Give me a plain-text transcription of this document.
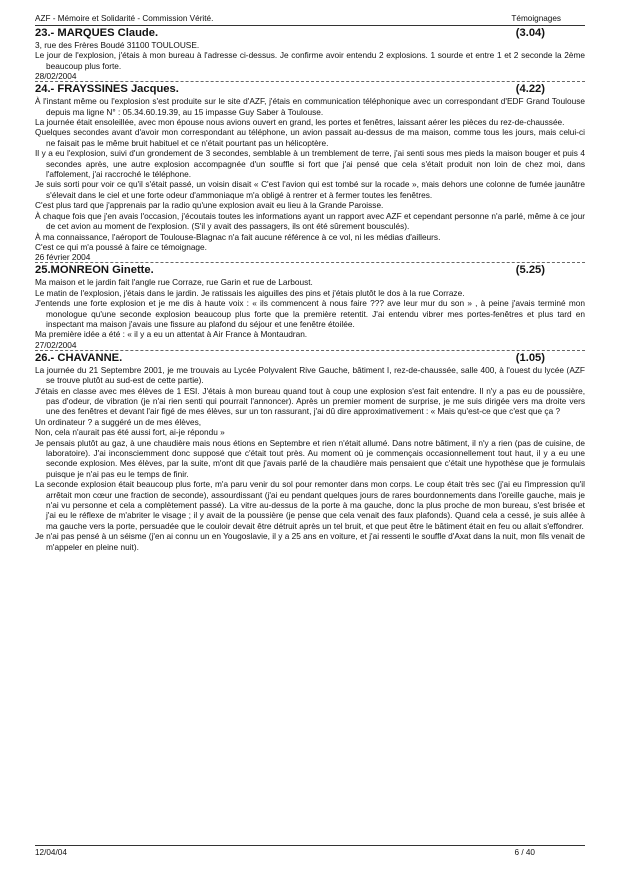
AZF - Mémoire et Solidarité - Commission Vérité.	Témoignages
23.- MARQUES Claude.	(3.04)

3, rue des Frères Boudé 31100 TOULOUSE.

Le jour de l'explosion, j'étais à mon bureau à l'adresse ci-dessus. Je confirme avoir entendu 2 explosions. 1 sourde et entre 1 et 2 seconde la 2ème beaucoup plus forte.

28/02/2004
24.- FRAYSSINES Jacques.	(4.22)

À l'instant même ou l'explosion s'est produite sur le site d'AZF, j'étais en communication téléphonique avec un correspondant d'EDF Grand Toulouse depuis ma ligne N° : 05.34.60.19.39, au 15 impasse Guy Saber à Toulouse.

La journée était ensoleillée, avec mon épouse nous avions ouvert en grand, les portes et fenêtres, laissant aérer les pièces du rez-de-chaussée.

Quelques secondes avant d'avoir mon correspondant au téléphone, un avion passait au-dessus de ma maison, comme tous les jours, mais celui-ci ne faisait pas le même bruit habituel et ce n'était pourtant pas un hélicoptère.

Il y a eu l'explosion, suivi d'un grondement de 3 secondes, semblable à un tremblement de terre, j'ai senti sous mes pieds la maison bouger et puis 4 secondes après, une autre explosion accompagnée d'un souffle si fort que j'ai pensé que cela s'était produit non loin de chez moi, dans l'affolement, j'ai raccroché le téléphone.

Je suis sorti pour voir ce qu'il s'était passé, un voisin disait « C'est l'avion qui est tombé sur la rocade », mais dehors une colonne de fumée jaunâtre s'élevait dans le ciel et une forte odeur d'ammoniaque m'a obligé à rentrer et à fermer toutes les fenêtres.

C'est plus tard que j'apprenais par la radio qu'une explosion avait eu lieu à la Grande Paroisse.

À chaque fois que j'en avais l'occasion, j'écoutais toutes les informations ayant un rapport avec AZF et cependant personne n'a parlé, même à ce jour de cet avion au moment de l'explosion. (S'il y avait des passagers, ils ont été sûrement bousculés).

À ma connaissance, l'aéroport de Toulouse-Blagnac n'a fait aucune référence à ce vol, ni les médias d'ailleurs.

C'est ce qui m'a poussé à faire ce témoignage.

26 février 2004
25.MONREON Ginette.	(5.25)

Ma maison et le jardin fait l'angle rue Corraze, rue Garin et rue de Larboust.

Le matin de l'explosion, j'étais dans le jardin. Je ratissais les aiguilles des pins et j'étais plutôt le dos à la rue Corraze.

J'entends une forte explosion et je me dis à haute voix : « ils commencent à nous faire ??? ave leur mur du son » , à peine j'avais terminé mon monologue qu'une seconde explosion beaucoup plus forte que la première retentit. J'ai entendu vibrer mes portes-fenêtres et plus tard en inspectant ma maison j'avais une fissure au plafond du séjour et une fenêtre étoilée.

Ma première idée a été : « il y a eu un attentat à Air France à Montaudran.

27/02/2004
26.- CHAVANNE.	(1.05)

La journée du 21 Septembre 2001, je me trouvais au Lycée Polyvalent Rive Gauche, bâtiment I, rez-de-chaussée, salle 400, à l'ouest du lycée (AZF se trouve plutôt au sud-est de cette partie).

J'étais en classe avec mes élèves de 1 ESI. J'étais à mon bureau quand tout à coup une explosion s'est fait entendre. Il n'y a pas eu de poussière, pas d'odeur, de vibration (je n'ai rien senti qui pourrait l'annoncer). Après un premier moment de surprise, je me suis dirigée vers ma droite vers une des fenêtres et devant l'air figé de mes élèves, sur un ton rassurant, j'ai dû dire approximativement : « Mais qu'est-ce que c'est que ça ?

Un ordinateur ? a suggéré un de mes élèves,

Non, cela n'aurait pas été aussi fort, ai-je répondu »

Je pensais plutôt au gaz, à une chaudière mais nous étions en Septembre et rien n'était allumé. Dans notre bâtiment, il n'y a rien (pas de cuisine, de laboratoire). J'ai inconsciemment donc supposé que c'était tout près. Au moment où je commençais occasionnellement tout haut, il y a eu une seconde explosion. Mes élèves, par la suite, m'ont dit que j'avais parlé de la chaudière mais pensaient que c'était une hypothèse que je formulais puisque je n'ai pas eu le temps de finir.

La seconde explosion était beaucoup plus forte, m'a paru venir du sol pour remonter dans mon corps. Le coup était très sec (j'ai eu l'impression qu'il arrêtait mon cœur une fraction de seconde), assourdissant (j'ai eu pendant quelques jours de rares bourdonnements dans l'oreille gauche, mais je n'ai vu personne et cela a complètement passé). La vitre au-dessus de la porte à ma gauche, donc la plus proche de mon bureau, s'est brisée et j'ai eu le réflexe de m'abriter le visage ; il y avait de la poussière (je pense que cela venait des faux plafonds). Quand cela a cessé, je suis allée à ma gauche vers la porte, persuadée que le couloir devait être détruit après un tel bruit, et que peut être le bâtiment était en feu ou allait s'effondrer.

Je n'ai pas pensé à un séisme (j'en ai connu un en Yougoslavie, il y a 25 ans en voiture, et j'ai ressenti le souffle d'Axat dans la nuit, mon fils venait de m'appeler en pleine nuit).

12/04/04	6 / 40
